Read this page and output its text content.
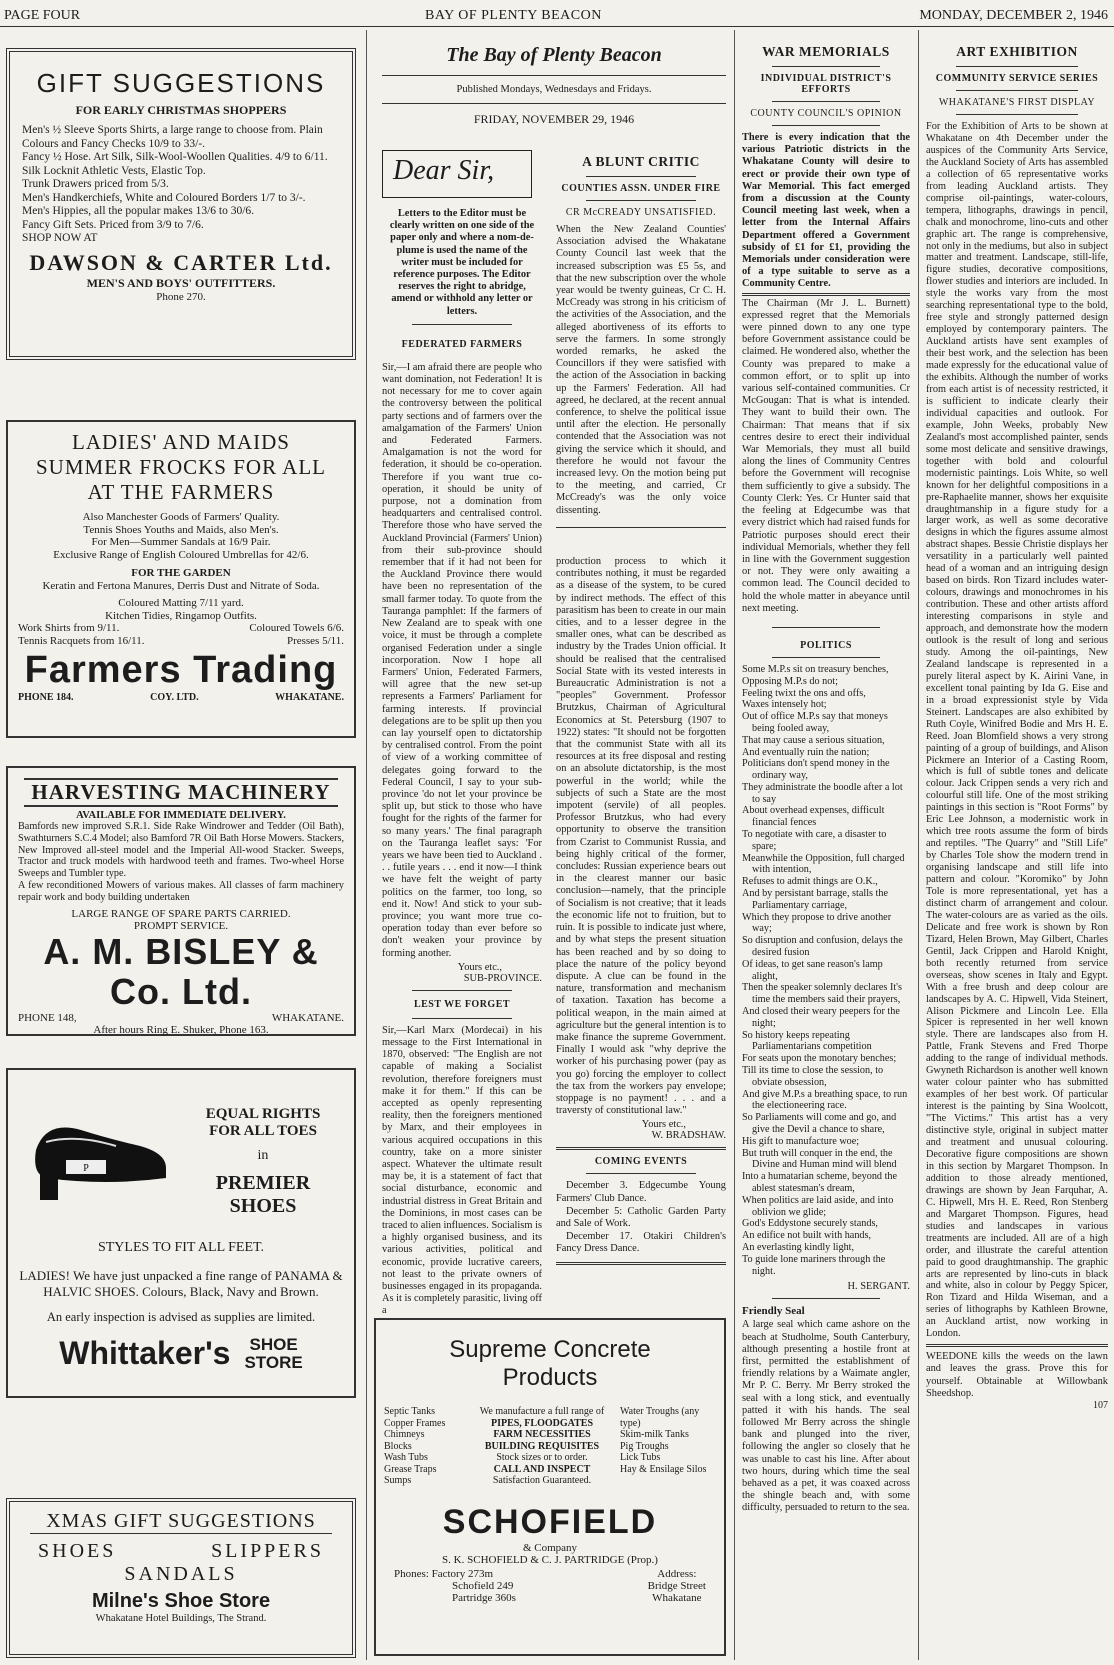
PAGE FOUR	BAY OF PLENTY BEACON	MONDAY, DECEMBER 2, 1946
GIFT SUGGESTIONS
FOR EARLY CHRISTMAS SHOPPERS
Men's ½ Sleeve Sports Shirts, a large range to choose from. Plain Colours and Fancy Checks 10/9 to 33/-.
Fancy ½ Hose. Art Silk, Silk-Wool-Woollen Qualities. 4/9 to 6/11.
Silk Locknit Athletic Vests, Elastic Top.
Trunk Drawers priced from 5/3.
Men's Handkerchiefs, White and Coloured Borders 1/7 to 3/-.
Men's Hippies, all the popular makes 13/6 to 30/6.
Fancy Gift Sets. Priced from 3/9 to 7/6.
SHOP NOW AT
DAWSON & CARTER Ltd.
MEN'S AND BOYS' OUTFITTERS.
Phone 270.
LADIES' AND MAIDS
SUMMER FROCKS FOR ALL
AT THE FARMERS
Also Manchester Goods of Farmers' Quality.
Tennis Shoes Youths and Maids, also Men's.
For Men—Summer Sandals at 16/9 Pair.
Exclusive Range of English Coloured Umbrellas for 42/6.
FOR THE GARDEN
Keratin and Fertona Manures, Derris Dust and Nitrate of Soda.
Coloured Matting 7/11 yard.
Kitchen Tidies, Ringamop Outfits.
Work Shirts from 9/11.	Coloured Towels 6/6.
Tennis Racquets from 16/11.	Presses 5/11.
Farmers Trading
PHONE 184.	COY. LTD.	WHAKATANE.
HARVESTING MACHINERY
AVAILABLE FOR IMMEDIATE DELIVERY.
Bamfords new improved S.R.1. Side Rake Windrower and Tedder (Oil Bath), Swathturners S.C.4 Model; also Bamford 7R Oil Bath Horse Mowers. Stackers, New Improved all-steel model and the Imperial All-wood Stacker. Sweeps, Tractor and truck models with hardwood teeth and frames. Two-wheel Horse Sweeps and Tumbler type.
A few reconditioned Mowers of various makes. All classes of farm machinery repair work and body building undertaken
LARGE RANGE OF SPARE PARTS CARRIED.
PROMPT SERVICE.
A. M. BISLEY & Co. Ltd.
PHONE 148,	WHAKATANE.
After hours Ring E. Shuker, Phone 163.
P
EQUAL RIGHTS
FOR ALL TOES
in
PREMIER
SHOES
STYLES TO FIT ALL FEET.
LADIES! We have just unpacked a fine range of PANAMA & HALVIC SHOES. Colours, Black, Navy and Brown.
An early inspection is advised as supplies are limited.
Whittaker's SHOE
STORE
XMAS GIFT SUGGESTIONS
SHOES	SLIPPERS
SANDALS
Milne's Shoe Store
Whakatane Hotel Buildings, The Strand.
The Bay of Plenty Beacon
Published Mondays, Wednesdays and Fridays.
FRIDAY, NOVEMBER 29, 1946
Dear Sir,
Letters to the Editor must be clearly written on one side of the paper only and where a nom-de-plume is used the name of the writer must be included for reference purposes. The Editor reserves the right to abridge, amend or withhold any letter or letters.
FEDERATED FARMERS
Sir,—I am afraid there are people who want domination, not Federation! It is not necessary for me to cover again the controversy between the political party sections and of farmers over the amalgamation of the Farmers' Union and Federated Farmers. Amalgamation is not the word for federation, it should be co-operation. Therefore if you want true co-operation, it should be unity of purpose, not a domination from headquarters and centralised control. Therefore those who have served the Auckland Provincial (Farmers' Union) from their sub-province should remember that if it had not been for the Auckland Province there would have been no representation of the small farmer today. To quote from the Tauranga pamphlet: If the farmers of New Zealand are to speak with one voice, it must be through a complete organised Federation under a single incorporation. Now I hope all Farmers' Union, Federated Farmers, will agree that the new set-up represents a Farmers' Parliament for farming interests. If provincial delegations are to be split up then you can lay yourself open to dictatorship by centralised control. From the point of view of a working committee of delegates going forward to the Federal Council, I say to your sub-province 'do not let your province be split up, but stick to those who have fought for the rights of the farmer for so many years.' The final paragraph on the Tauranga leaflet says: 'For years we have been tied to Auckland . . . futile years . . . end it now—I think we have felt the weight of party politics on the farmer, too long, so end it. Now! And stick to your sub-province; you want more true co-operation today than ever before so don't weaken your province by forming another.
Yours etc.,
SUB-PROVINCE.
LEST WE FORGET
Sir,—Karl Marx (Mordecai) in his message to the First International in 1870, observed: "The English are not capable of making a Socialist revolution, therefore foreigners must make it for them." If this can be accepted as openly representing reality, then the foreigners mentioned by Marx, and their employees in various acquired occupations in this country, take on a more sinister aspect. Whatever the ultimate result may be, it is a statement of fact that social disturbance, economic and industrial distress in Great Britain and the Dominions, in most cases can be traced to alien influences. Socialism is a highly organised business, and its various activities, political and economic, provide lucrative careers, not least to the private owners of businesses engaged in its propaganda. As it is completely parasitic, living off a
A BLUNT CRITIC
COUNTIES ASSN. UNDER FIRE
CR McCREADY UNSATISFIED.
When the New Zealand Counties' Association advised the Whakatane County Council last week that the increased subscription was £5 5s, and that the new subscription over the whole year would be twenty guineas, Cr C. H. McCready was strong in his criticism of the activities of the Association, and the alleged abortiveness of its efforts to serve the farmers. In some strongly worded remarks, he asked the Councillors if they were satisfied with the action of the Association in backing up the Farmers' Federation. All had agreed, he declared, at the recent annual conference, to shelve the political issue until after the election. He personally contended that the Association was not giving the service which it should, and therefore he would not favour the increased levy. On the motion being put to the meeting, and carried, Cr McCready's was the only voice dissenting.
production process to which it contributes nothing, it must be regarded as a disease of the system, to be cured by indirect methods. The effect of this parasitism has been to create in our main cities, and to a lesser degree in the smaller ones, what can be described as industry by the Trades Union official. It should be realised that the centralised Social State with its vested interests in Bureaucratic Administration is not a "peoples" Government. Professor Brutzkus, Chairman of Agricultural Economics at St. Petersburg (1907 to 1922) states: "It should not be forgotten that the communist State with all its resources at its free disposal and resting on an absolute dictatorship, is the most powerful in the world; while the subjects of such a State are the most impotent (servile) of all peoples. Professor Brutzkus, who had every opportunity to observe the transition from Czarist to Communist Russia, and being highly critical of the former, concludes: Russian experience bears out in the clearest manner our basic conclusion—namely, that the principle of Socialism is not creative; that it leads the economic life not to fruition, but to ruin. It is possible to indicate just where, and by what steps the present situation has been reached and by so doing to place the nature of the policy beyond dispute. A clue can be found in the nature, transformation and mechanism of taxation. Taxation has become a political weapon, in the main aimed at agriculture but the general intention is to make finance the supreme Government. Finally I would ask "why deprive the worker of his purchasing power (pay as you go) forcing the employer to collect the tax from the workers pay envelope; stoppage is no payment! . . . and a traversty of constitutional law."
Yours etc.,
W. BRADSHAW.
COMING EVENTS

December 3. Edgecumbe Young Farmers' Club Dance.

December 5: Catholic Garden Party and Sale of Work.

December 17. Otakiri Children's Fancy Dress Dance.

Supreme Concrete
Products
Septic Tanks
Copper Frames
Chimneys
Blocks
Wash Tubs
Grease Traps
Sumps
We manufacture a full range of
PIPES, FLOODGATES
FARM NECESSITIES
BUILDING REQUISITES
Stock sizes or to order.
CALL AND INSPECT
Satisfaction Guaranteed.
Water Troughs (any type)
Skim-milk Tanks
Pig Troughs
Lick Tubs
Hay & Ensilage Silos
SCHOFIELD
& Company
S. K. SCHOFIELD & C. J. PARTRIDGE (Prop.)
Phones: Factory 273m
Schofield 249
Partridge 360s
Address:
Bridge Street
Whakatane
WAR MEMORIALS
INDIVIDUAL DISTRICT'S EFFORTS
COUNTY COUNCIL'S OPINION
There is every indication that the various Patriotic districts in the Whakatane County will desire to erect or provide their own type of War Memorial. This fact emerged from a discussion at the County Council meeting last week, when a letter from the Internal Affairs Department offered a Government subsidy of £1 for £1, providing the Memorials under consideration were of a type suitable to serve as a Community Centre.
The Chairman (Mr J. L. Burnett) expressed regret that the Memorials were pinned down to any one type before Government assistance could be claimed. He wondered also, whether the County was prepared to make a common effort, or to split up into various self-contained communities. Cr McGougan: That is what is intended. They want to build their own. The Chairman: That means that if six centres desire to erect their individual War Memorials, they must all build along the lines of Community Centres before the Government will recognise them sufficiently to give a subsidy. The County Clerk: Yes. Cr Hunter said that the feeling at Edgecumbe was that every district which had raised funds for Patriotic purposes should erect their individual Memorials, whether they fell in line with the Government suggestion or not. They were only awaiting a common lead. The Council decided to hold the whole matter in abeyance until next meeting.
POLITICS
Some M.P.s sit on treasury benches,
Opposing M.P.s do not;
Feeling twixt the ons and offs,
Waxes intensely hot;
Out of office M.P.s say that moneys being fooled away,
That may cause a serious situation,
And eventually ruin the nation;
Politicians don't spend money in the ordinary way,
They administrate the boodle after a lot to say
About overhead expenses, difficult financial fences
To negotiate with care, a disaster to spare;
Meanwhile the Opposition, full charged with intention,
Refuses to admit things are O.K.,
And by persistant barrage, stalls the Parliamentary carriage,
Which they propose to drive another way;
So disruption and confusion, delays the desired fusion
Of ideas, to get sane reason's lamp alight,
Then the speaker solemnly declares It's time the members said their prayers,
And closed their weary peepers for the night;
So history keeps repeating Parliamentarians competition
For seats upon the monotary benches;
Till its time to close the session, to obviate obsession,
And give M.P.s a breathing space, to run the electioneering race.
So Parliaments will come and go, and give the Devil a chance to share,
His gift to manufacture woe;
But truth will conquer in the end, the Divine and Human mind will blend
Into a humatarian scheme, beyond the ablest statesman's dream,
When politics are laid aside, and into oblivion we glide;
God's Eddystone securely stands,
An edifice not built with hands,
An everlasting kindly light,
To guide lone mariners through the night.
H. SERGANT.
Friendly Seal
A large seal which came ashore on the beach at Studholme, South Canterbury, although presenting a hostile front at first, permitted the establishment of friendly relations by a Waimate angler, Mr P. C. Berry. Mr Berry stroked the seal with a long stick, and eventually patted it with his hands. The seal followed Mr Berry across the shingle bank and plunged into the river, following the angler so closely that he was unable to cast his line. After about two hours, during which time the seal behaved as a pet, it was coaxed across the shingle beach and, with some difficulty, persuaded to return to the sea.
ART EXHIBITION
COMMUNITY SERVICE SERIES
WHAKATANE'S FIRST DISPLAY
For the Exhibition of Arts to be shown at Whakatane on 4th December under the auspices of the Community Arts Service, the Auckland Society of Arts has assembled a collection of 65 representative works from leading Auckland artists. They comprise oil-paintings, water-colours, tempera, lithographs, drawings in pencil, chalk and monochrome, lino-cuts and other graphic art. The range is comprehensive, not only in the mediums, but also in subject matter and treatment. Landscape, still-life, figure studies, decorative compositions, flower studies and interiors are included. In style the works vary from the most searching representational type to the bold, free style and strongly patterned design employed by contemporary painters. The Auckland artists have sent examples of their best work, and the selection has been made expressly for the educational value of the exhibits. Although the number of works from each artist is of necessity restricted, it is sufficient to indicate clearly their individual capacities and outlook. For example, John Weeks, probably New Zealand's most accomplished painter, sends some most delicate and sensitive drawings, together with bold and colourful modernistic paintings. Lois White, so well known for her delightful compositions in a pre-Raphaelite manner, shows her exquisite draughtmanship in a figure study for a larger work, as well as some decorative designs in which the figures assume almost abstract shapes. Bessie Christie displays her versatility in a particularly well painted head of a woman and an intriguing design based on birds. Ron Tizard includes water-colours, drawings and monochromes in his contribution. These and other artists afford interesting comparisons in style and approach, and demonstrate how the modern outlook is the result of long and serious study. Among the oil-paintings, New Zealand landscape is represented in a purely literal aspect by K. Airini Vane, in excellent tonal painting by Ida G. Eise and in a broad expressionist style by Vida Steinert. Landscapes are also exhibited by Ruth Coyle, Winifred Bodie and Mrs H. E. Reed. Joan Blomfield shows a very strong painting of a group of buildings, and Alison Pickmere an Interior of a Casting Room, which is full of subtle tones and delicate colour. Jack Crippen sends a very rich and colourful still life. One of the most striking paintings in this section is "Root Forms" by Eric Lee Johnson, a modernistic work in which tree roots assume the form of birds and reptiles. "The Quarry" and "Still Life" by Charles Tole show the modern trend in organising landscape and still life into pattern and colour. "Koromiko" by John Tole is more representational, yet has a distinct charm of arrangement and colour. The water-colours are as varied as the oils. Delicate and free work is shown by Ron Tizard, Helen Brown, May Gilbert, Charles Gentil, Jack Crippen and Harold Knight, both recently returned from service overseas, show scenes in Italy and Egypt. With a free brush and deep colour are landscapes by A. C. Hipwell, Vida Steinert, Alison Pickmere and Lincoln Lee. Ella Spicer is represented in her well known style. There are landscapes also from H. Pattle, Frank Stevens and Fred Thorpe adding to the range of individual methods. Gwyneth Richardson is another well known water colour painter who has submitted examples of her best work. Of particular interest is the painting by Sina Woolcott, "The Victims." This artist has a very distinctive style, original in subject matter and treatment and unusual colouring. Decorative figure compositions are shown in this section by Margaret Thompson. In addition to those already mentioned, drawings are shown by Jean Farquhar, A. C. Hipwell, Mrs H. E. Reed, Ron Stenberg and Margaret Thompson. Figures, head studies and landscapes in various treatments are included. All are of a high order, and illustrate the careful attention paid to good draughtmanship. The graphic arts are represented by lino-cuts in black and white, also in colour by Peggy Spicer, Ron Tizard and Hilda Wiseman, and a series of lithographs by Kathleen Browne, an Auckland artist, now working in London.
WEEDONE kills the weeds on the lawn and leaves the grass. Prove this for yourself. Obtainable at Willowbank Sheedshop.
107
